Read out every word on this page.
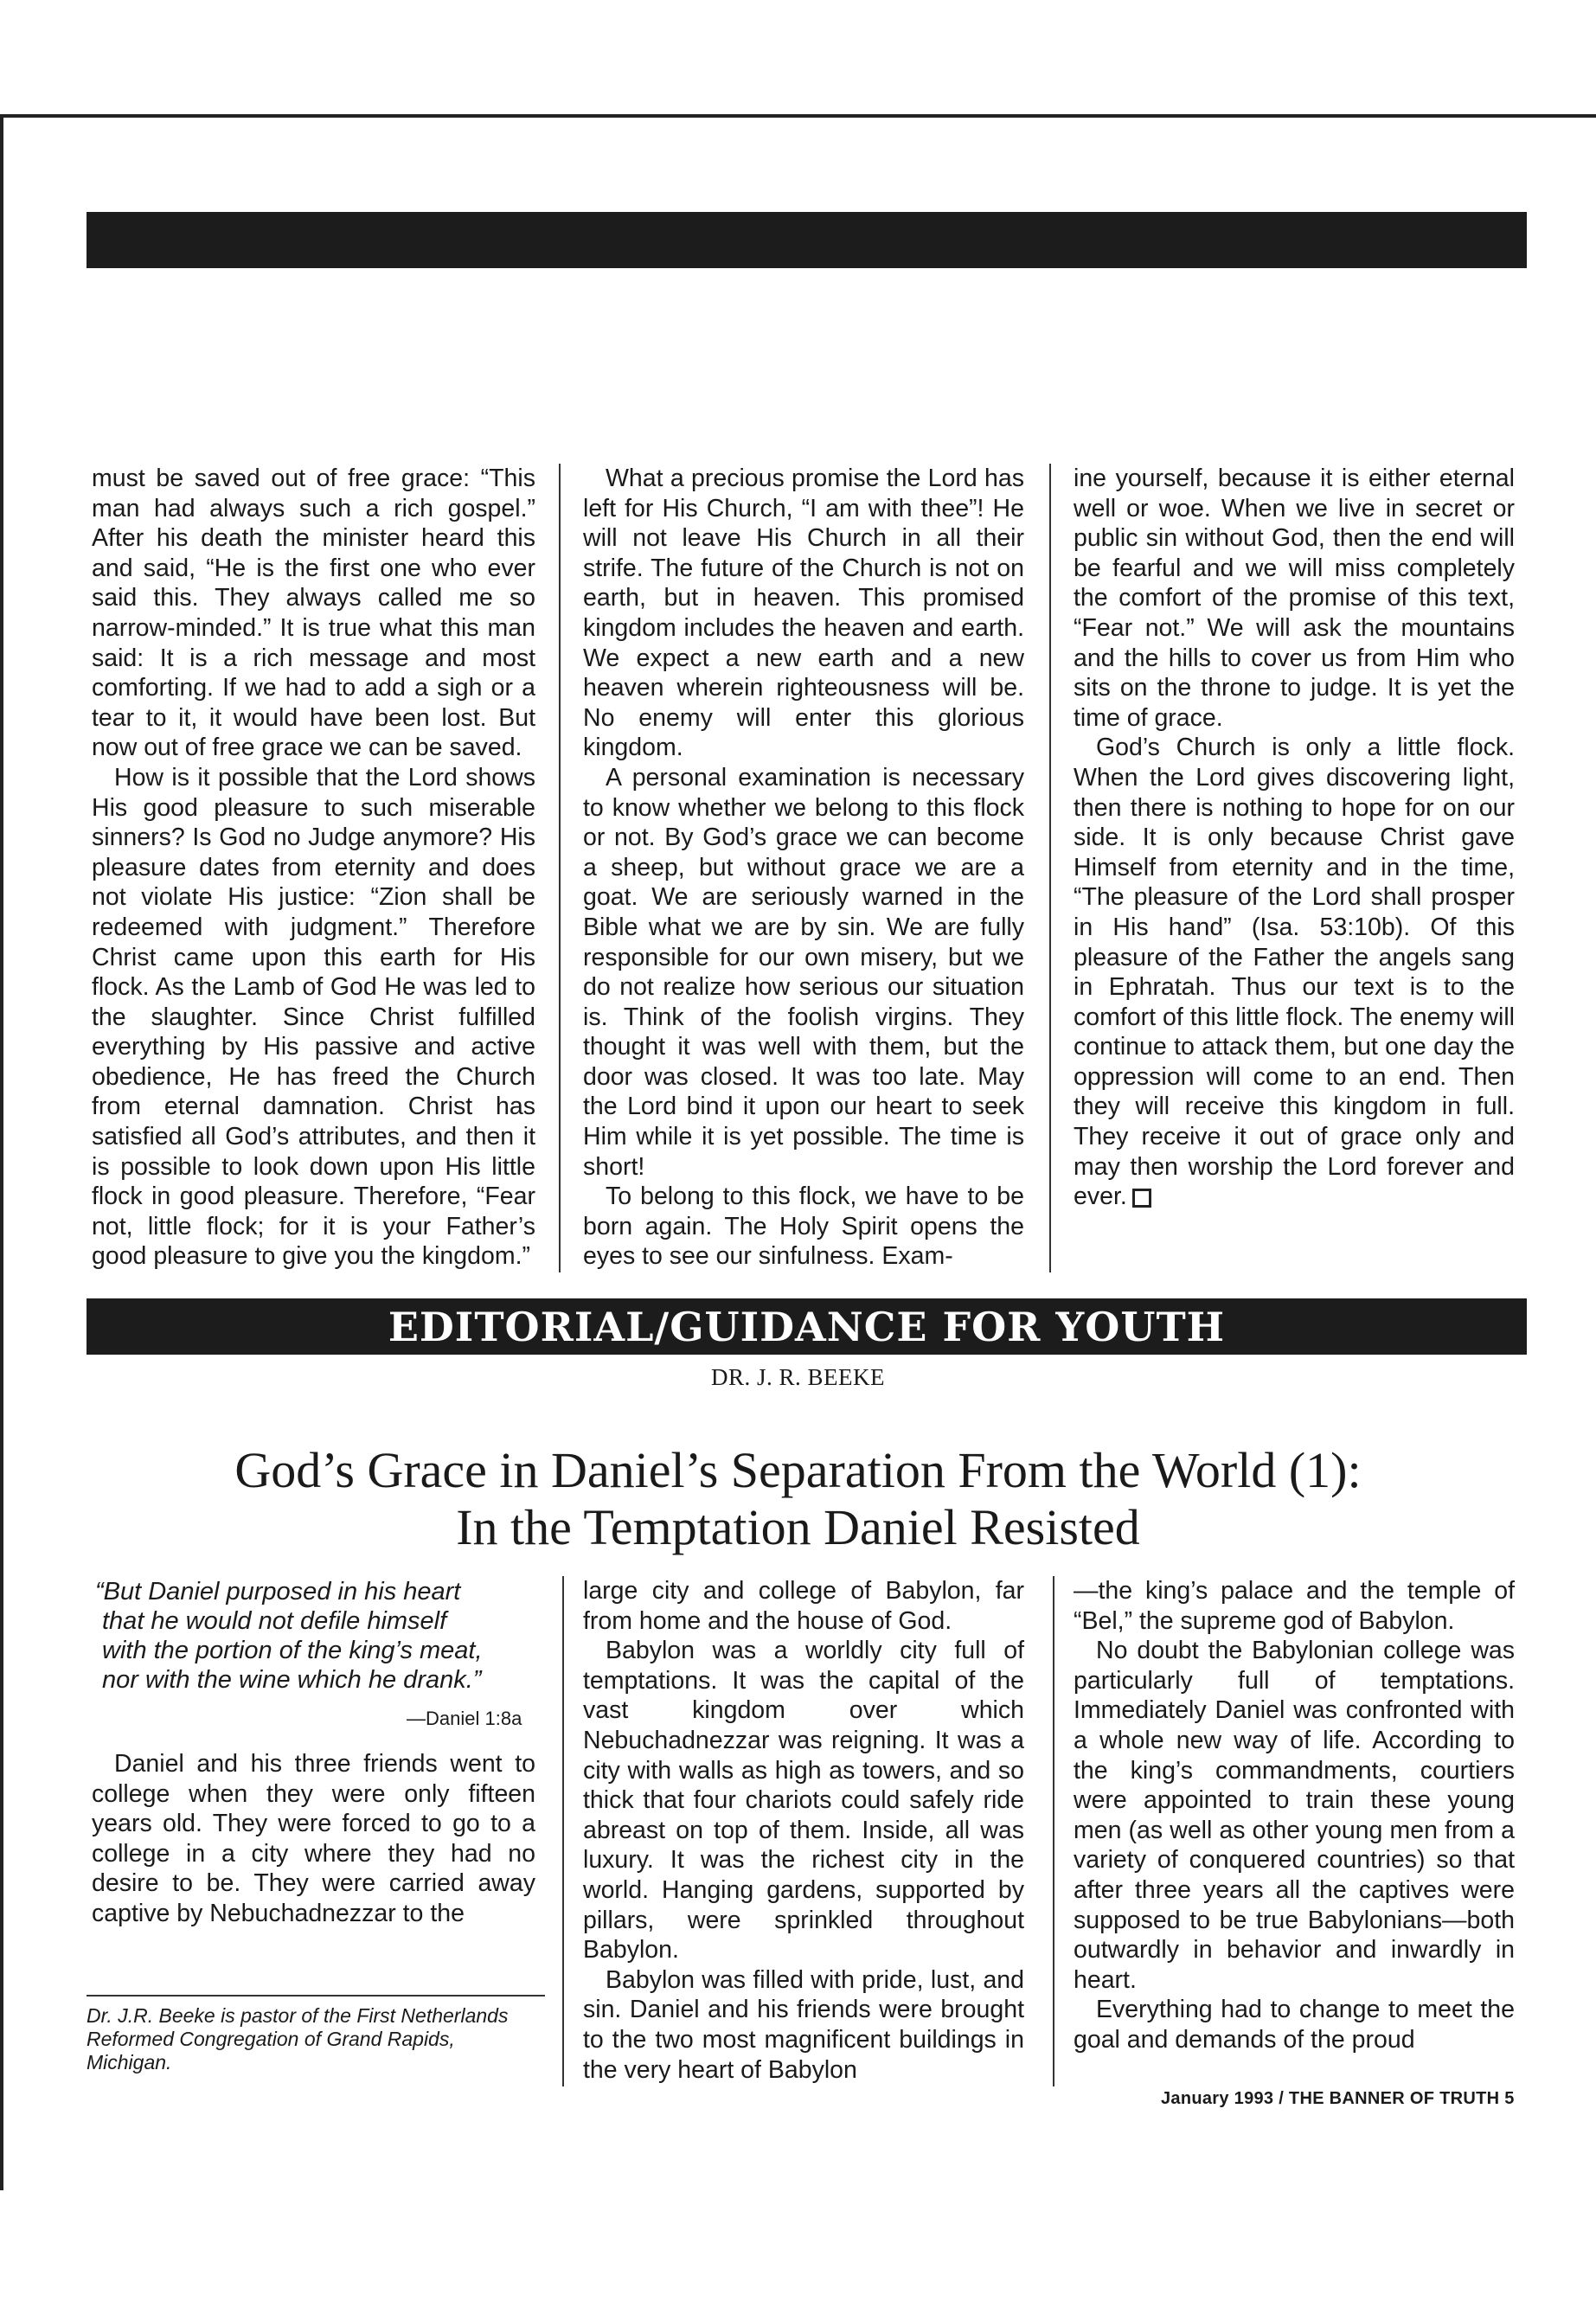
must be saved out of free grace: “This man had always such a rich gospel.” After his death the minister heard this and said, “He is the first one who ever said this. They always called me so narrow-minded.” It is true what this man said: It is a rich message and most comforting. If we had to add a sigh or a tear to it, it would have been lost. But now out of free grace we can be saved.

How is it possible that the Lord shows His good pleasure to such miserable sinners? Is God no Judge anymore? His pleasure dates from eternity and does not violate His justice: “Zion shall be redeemed with judgment.” Therefore Christ came upon this earth for His flock. As the Lamb of God He was led to the slaughter. Since Christ fulfilled everything by His passive and active obedience, He has freed the Church from eternal damnation. Christ has satisfied all God’s attributes, and then it is possible to look down upon His little flock in good pleasure. Therefore, “Fear not, little flock; for it is your Father’s good pleasure to give you the kingdom.”

What a precious promise the Lord has left for His Church, “I am with thee”! He will not leave His Church in all their strife. The future of the Church is not on earth, but in heaven. This promised kingdom includes the heaven and earth. We expect a new earth and a new heaven wherein righteousness will be. No enemy will enter this glorious kingdom.

A personal examination is necessary to know whether we belong to this flock or not. By God’s grace we can become a sheep, but without grace we are a goat. We are seriously warned in the Bible what we are by sin. We are fully responsible for our own misery, but we do not realize how serious our situation is. Think of the foolish virgins. They thought it was well with them, but the door was closed. It was too late. May the Lord bind it upon our heart to seek Him while it is yet possible. The time is short!

To belong to this flock, we have to be born again. The Holy Spirit opens the eyes to see our sinfulness. Exam-

ine yourself, because it is either eternal well or woe. When we live in secret or public sin without God, then the end will be fearful and we will miss completely the comfort of the promise of this text, “Fear not.” We will ask the mountains and the hills to cover us from Him who sits on the throne to judge. It is yet the time of grace.

God’s Church is only a little flock. When the Lord gives discovering light, then there is nothing to hope for on our side. It is only because Christ gave Himself from eternity and in the time, “The pleasure of the Lord shall prosper in His hand” (Isa. 53:10b). Of this pleasure of the Father the angels sang in Ephratah. Thus our text is to the comfort of this little flock. The enemy will continue to attack them, but one day the oppression will come to an end. Then they will receive this kingdom in full. They receive it out of grace only and may then worship the Lord forever and ever.

EDITORIAL/GUIDANCE FOR YOUTH
DR. J. R. BEEKE
God’s Grace in Daniel’s Separation From the World (1):
In the Temptation Daniel Resisted
“But Daniel purposed in his heart
that he would not defile himself
with the portion of the king’s meat,
nor with the wine which he drank.”
—Daniel 1:8a

Daniel and his three friends went to college when they were only fifteen years old. They were forced to go to a college in a city where they had no desire to be. They were carried away captive by Nebuchadnezzar to the

Dr. J.R. Beeke is pastor of the First Netherlands Reformed Congregation of Grand Rapids, Michigan.

large city and college of Babylon, far from home and the house of God.

Babylon was a worldly city full of temptations. It was the capital of the vast kingdom over which Nebuchadnezzar was reigning. It was a city with walls as high as towers, and so thick that four chariots could safely ride abreast on top of them. Inside, all was luxury. It was the richest city in the world. Hanging gardens, supported by pillars, were sprinkled throughout Babylon.

Babylon was filled with pride, lust, and sin. Daniel and his friends were brought to the two most magnificent buildings in the very heart of Babylon

—the king’s palace and the temple of “Bel,” the supreme god of Babylon.

No doubt the Babylonian college was particularly full of temptations. Immediately Daniel was confronted with a whole new way of life. According to the king’s commandments, courtiers were appointed to train these young men (as well as other young men from a variety of conquered countries) so that after three years all the captives were supposed to be true Babylonians—both outwardly in behavior and inwardly in heart.

Everything had to change to meet the goal and demands of the proud

January 1993 / THE BANNER OF TRUTH 5
